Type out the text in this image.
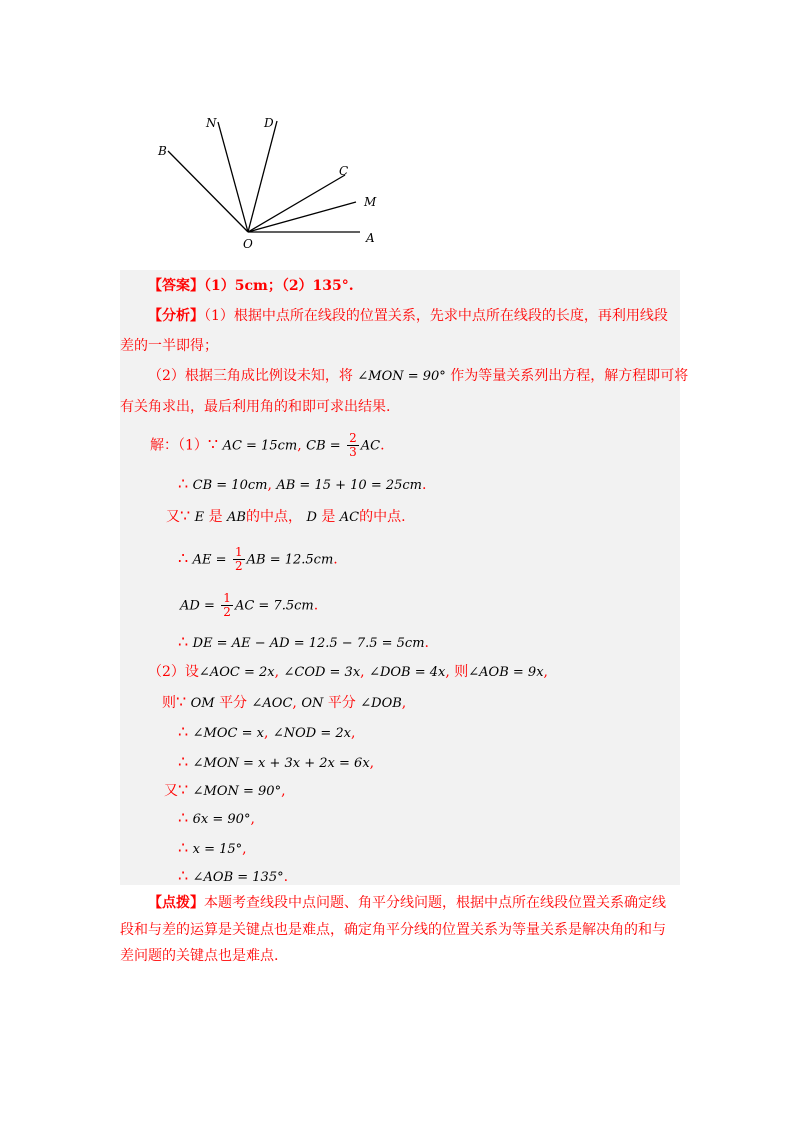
N	D
B
C
M
O	A
【答案】（1）5cm；（2）135°.
【分析】（1）根据中点所在线段的位置关系，先求中点所在线段的长度，再利用线段
差的一半即得；
（2）根据三角成比例设未知，将 ∠MON = 90° 作为等量关系列出方程，解方程即可将
有关角求出，最后利用角的和即可求出结果.
解：（1）∵ AC = 15cm, CB = $\frac{2}{3}$ AC.
∴ CB = 10cm, AB = 15 + 10 = 25cm.
又∵ E 是 AB的中点， D 是 AC的中点.
∴ AE = $\frac{1}{2}$ AB = 12.5cm.
AD = $\frac{1}{2}$ AC = 7.5cm.
∴ DE = AE − AD = 12.5 − 7.5 = 5cm.
（2）设∠AOC = 2x, ∠COD = 3x, ∠DOB = 4x, 则∠AOB = 9x,
则∵ OM 平分 ∠AOC, ON 平分 ∠DOB,
∴ ∠MOC = x, ∠NOD = 2x,
∴ ∠MON = x + 3x + 2x = 6x,
又∵ ∠MON = 90°,
∴ 6x = 90°,
∴ x = 15°,
∴ ∠AOB = 135°.
【点拨】本题考查线段中点问题、角平分线问题，根据中点所在线段位置关系确定线
段和与差的运算是关键点也是难点，确定角平分线的位置关系为等量关系是解决角的和与
差问题的关键点也是难点.
